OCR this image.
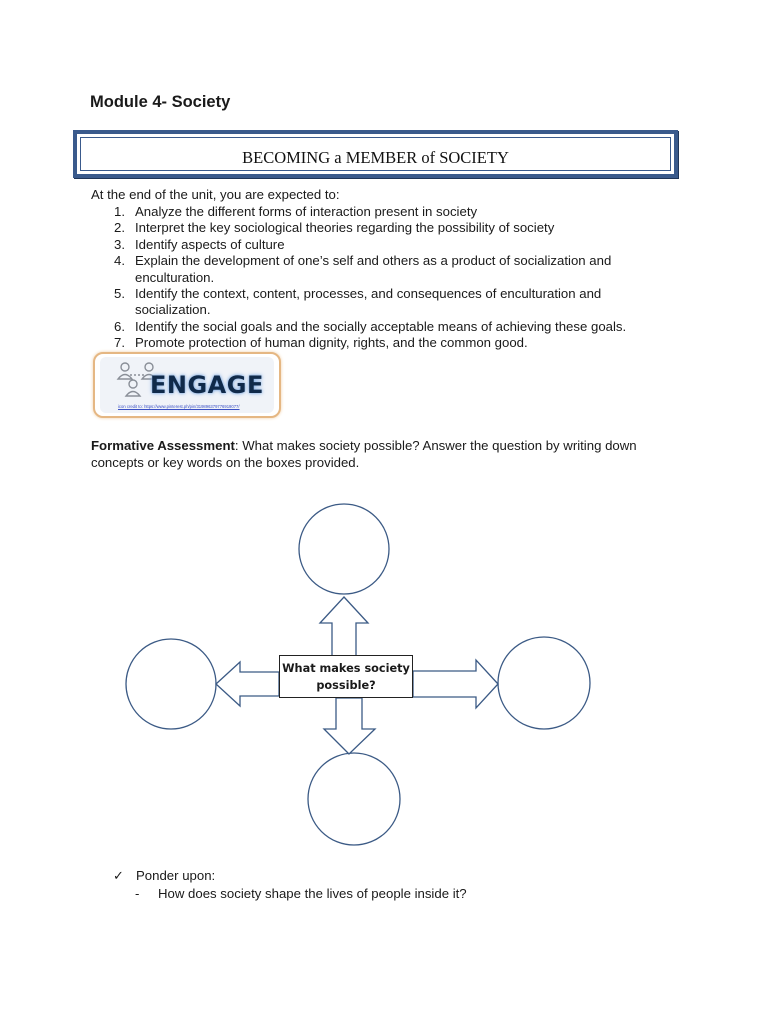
Module 4- Society
BECOMING a MEMBER of SOCIETY

At the end of the unit, you are expected to:

1. Analyze the different forms of interaction present in society
2. Interpret the key sociological theories regarding the possibility of society
3. Identify aspects of culture
4. Explain the development of one’s self and others as a product of socialization and enculturation.
5. Identify the context, content, processes, and consequences of enculturation and socialization.
6. Identify the social goals and the socially acceptable means of achieving these goals.
7. Promote protection of human dignity, rights, and the common good.
ENGAGE
icon credit to: https://www.pinterest.ph/pin/319896379776919077/

Formative Assessment: What makes society possible? Answer the question by writing down concepts or key words on the boxes provided.

What makes society
possible?

✓ Ponder upon:

- How does society shape the lives of people inside it?
